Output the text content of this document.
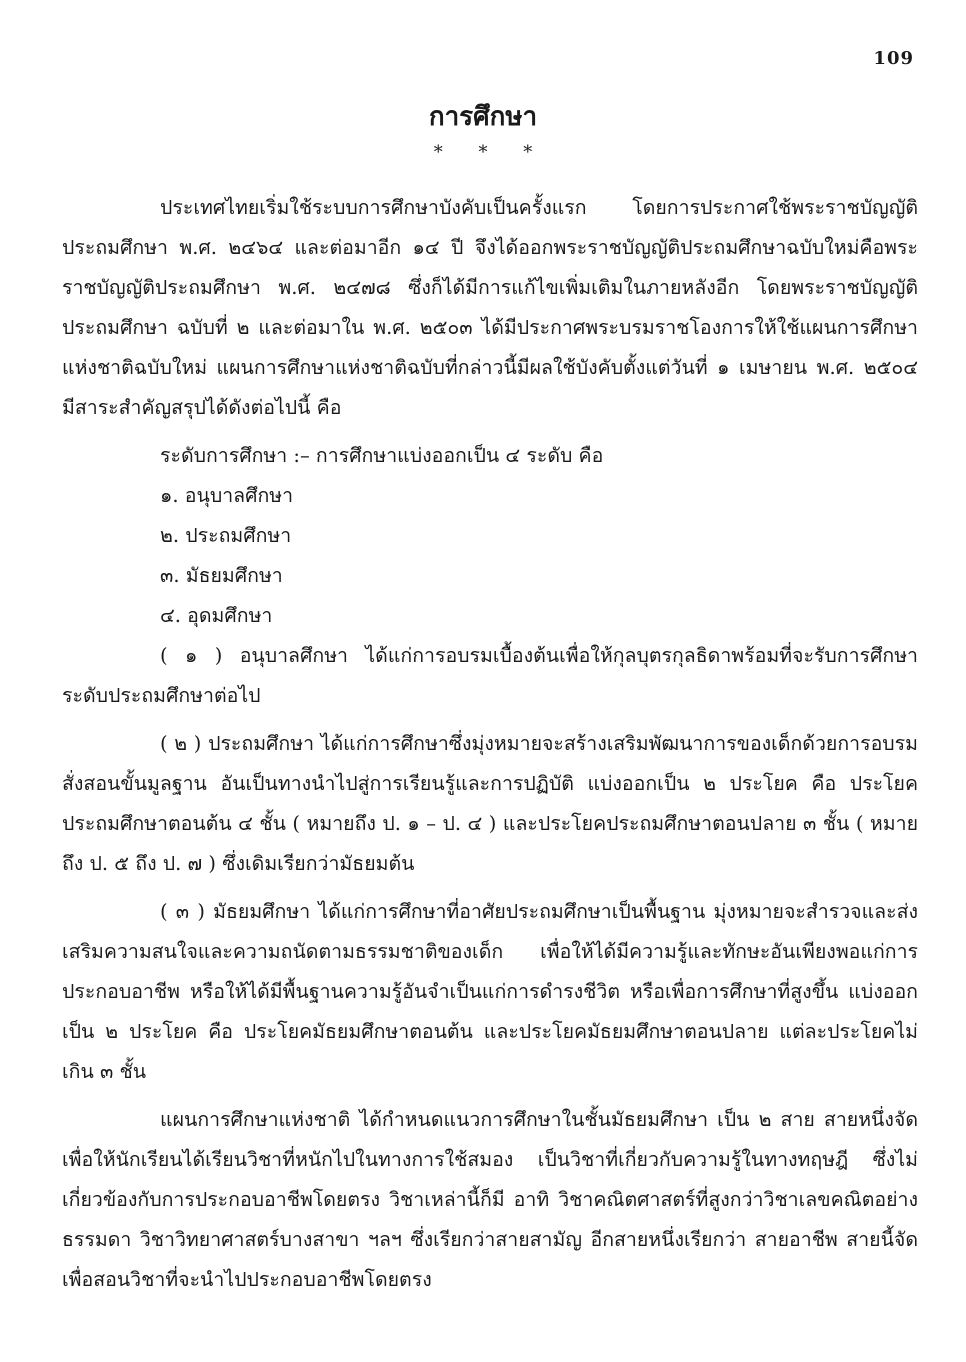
109
การศึกษา
* * *

ประเทศไทยเริ่มใช้ระบบการศึกษาบังคับเป็นครั้งแรก โดยการประกาศใช้พระราชบัญญัติประถมศึกษา พ.ศ. ๒๔๖๔ และต่อมาอีก ๑๔ ปี จึงได้ออกพระราชบัญญัติประถมศึกษาฉบับใหม่คือพระราชบัญญัติประถมศึกษา พ.ศ. ๒๔๗๘ ซึ่งก็ได้มีการแก้ไขเพิ่มเติมในภายหลังอีก โดยพระราชบัญญัติประถมศึกษา ฉบับที่ ๒ และต่อมาใน พ.ศ. ๒๕๐๓ ได้มีประกาศพระบรมราชโองการให้ใช้แผนการศึกษาแห่งชาติฉบับใหม่ แผนการศึกษาแห่งชาติฉบับที่กล่าวนี้มีผลใช้บังคับตั้งแต่วันที่ ๑ เมษายน พ.ศ. ๒๕๐๔ มีสาระสำคัญสรุปได้ดังต่อไปนี้ คือ

ระดับการศึกษา :– การศึกษาแบ่งออกเป็น ๔ ระดับ คือ

๑. อนุบาลศึกษา

๒. ประถมศึกษา

๓. มัธยมศึกษา

๔. อุดมศึกษา

( ๑ ) อนุบาลศึกษา ได้แก่การอบรมเบื้องต้นเพื่อให้กุลบุตรกุลธิดาพร้อมที่จะรับการศึกษาระดับประถมศึกษาต่อไป

( ๒ ) ประถมศึกษา ได้แก่การศึกษาซึ่งมุ่งหมายจะสร้างเสริมพัฒนาการของเด็กด้วยการอบรมสั่งสอนขั้นมูลฐาน อันเป็นทางนำไปสู่การเรียนรู้และการปฏิบัติ แบ่งออกเป็น ๒ ประโยค คือ ประโยคประถมศึกษาตอนต้น ๔ ชั้น ( หมายถึง ป. ๑ – ป. ๔ ) และประโยคประถมศึกษาตอนปลาย ๓ ชั้น ( หมายถึง ป. ๕ ถึง ป. ๗ ) ซึ่งเดิมเรียกว่ามัธยมต้น

( ๓ ) มัธยมศึกษา ได้แก่การศึกษาที่อาศัยประถมศึกษาเป็นพื้นฐาน มุ่งหมายจะสำรวจและส่งเสริมความสนใจและความถนัดตามธรรมชาติของเด็ก เพื่อให้ได้มีความรู้และทักษะอันเพียงพอแก่การประกอบอาชีพ หรือให้ได้มีพื้นฐานความรู้อันจำเป็นแก่การดำรงชีวิต หรือเพื่อการศึกษาที่สูงขึ้น แบ่งออกเป็น ๒ ประโยค คือ ประโยคมัธยมศึกษาตอนต้น และประโยคมัธยมศึกษาตอนปลาย แต่ละประโยคไม่เกิน ๓ ชั้น

แผนการศึกษาแห่งชาติ ได้กำหนดแนวการศึกษาในชั้นมัธยมศึกษา เป็น ๒ สาย สายหนึ่งจัดเพื่อให้นักเรียนได้เรียนวิชาที่หนักไปในทางการใช้สมอง เป็นวิชาที่เกี่ยวกับความรู้ในทางทฤษฎี ซึ่งไม่เกี่ยวข้องกับการประกอบอาชีพโดยตรง วิชาเหล่านี้ก็มี อาทิ วิชาคณิตศาสตร์ที่สูงกว่าวิชาเลขคณิตอย่างธรรมดา วิชาวิทยาศาสตร์บางสาขา ฯลฯ ซึ่งเรียกว่าสายสามัญ อีกสายหนึ่งเรียกว่า สายอาชีพ สายนี้จัดเพื่อสอนวิชาที่จะนำไปประกอบอาชีพโดยตรง
